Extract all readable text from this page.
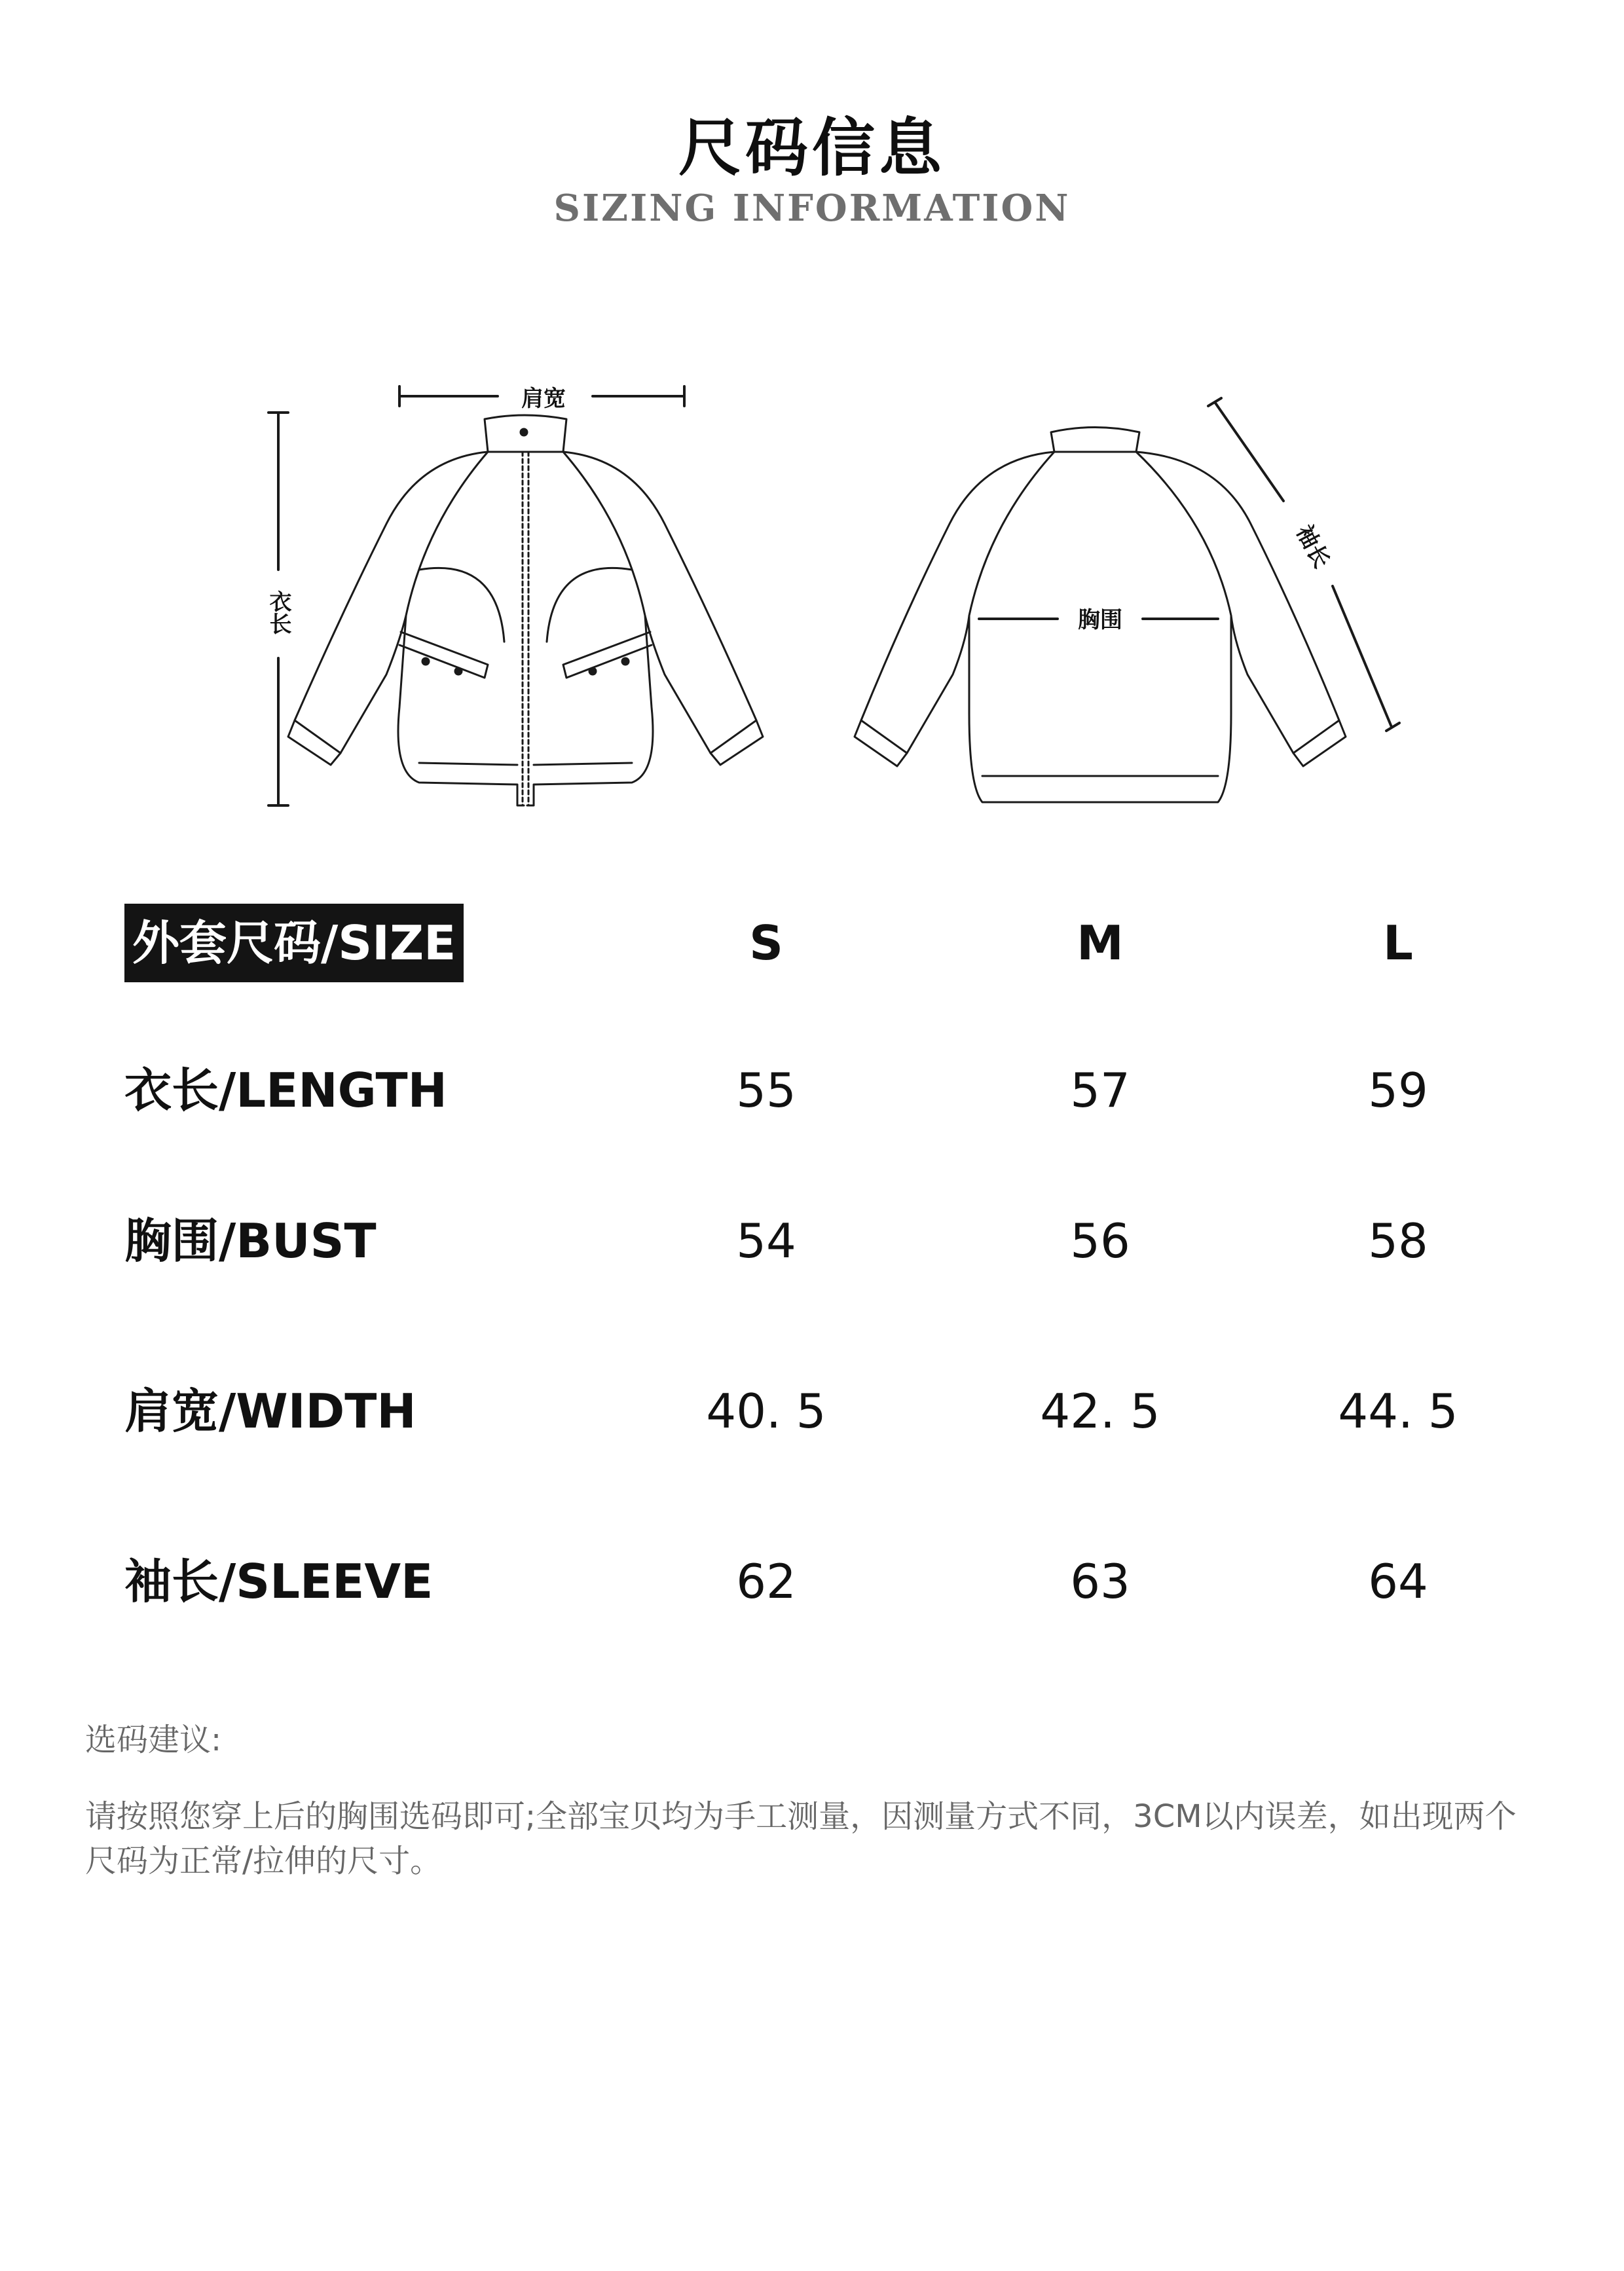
尺码信息
SIZING INFORMATION
肩宽
衣长	胸围
袖长
外套尺码/SIZE	S	M	L
衣长/LENGTH	55	57	59
胸围/BUST	54	56	58
肩宽/WIDTH	40. 5	42. 5	44. 5
袖长/SLEEVE	62	63	64
选码建议:
请按照您穿上后的胸围选码即可;全部宝贝均为手工测量，因测量方式不同，3CM以内误差，如出现两个尺码为正常/拉伸的尺寸。
